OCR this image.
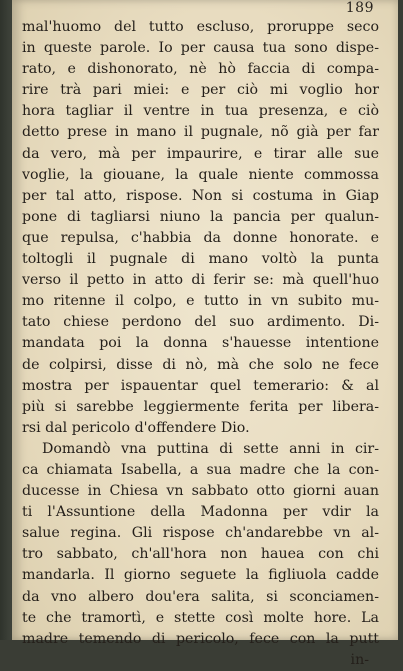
189
mal'huomo del tutto escluso, proruppe seco
in queste parole. Io per causa tua sono dispe-
rato, e dishonorato, nè hò faccia di compa-
rire trà pari miei: e per ciò mi voglio hor
hora tagliar il ventre in tua presenza, e ciò
detto prese in mano il pugnale, nõ già per far
da vero, mà per impaurire, e tirar alle sue
voglie, la giouane, la quale niente commossa
per tal atto, rispose. Non si costuma in Giap
pone di tagliarsi niuno la pancia per qualun-
que repulsa, c'habbia da donne honorate. e
toltogli il pugnale di mano voltò la punta
verso il petto in atto di ferir se: mà quell'huo
mo ritenne il colpo, e tutto in vn subito mu-
tato chiese perdono del suo ardimento. Di-
mandata poi la donna s'hauesse intentione
de colpirsi, disse di nò, mà che solo ne fece
mostra per ispauentar quel temerario: & al
più si sarebbe leggiermente ferita per libera-
rsi dal pericolo d'offendere Dio.
Domandò vna puttina di sette anni in cir-
ca chiamata Isabella, a sua madre che la con-
ducesse in Chiesa vn sabbato otto giorni auan
ti l'Assuntione della Madonna per vdir la
salue regina. Gli rispose ch'andarebbe vn al-
tro sabbato, ch'all'hora non hauea con chi
mandarla. Il giorno seguete la figliuola cadde
da vno albero dou'era salita, si sconciamen-
te che tramortì, e stette così molte hore. La
madre temendo di pericolo, fece con la putt
in-
